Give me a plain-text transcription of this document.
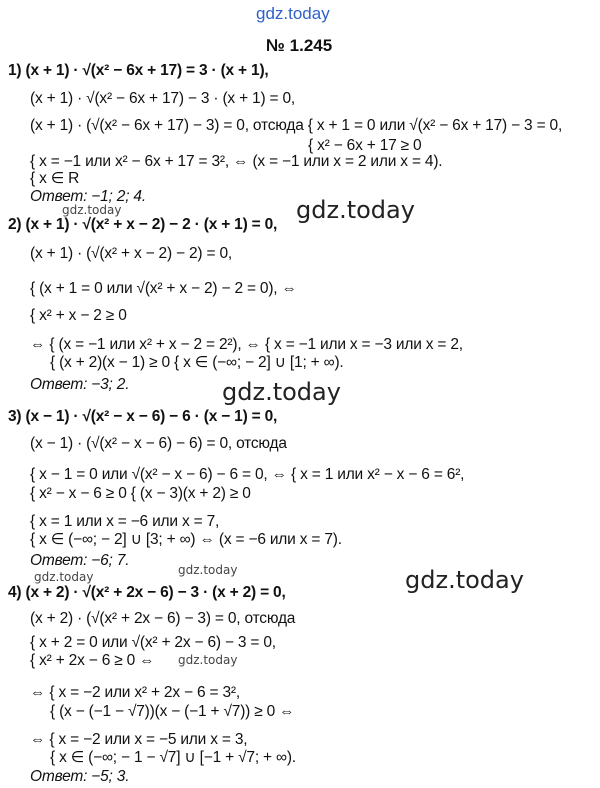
gdz.today
gdz.today
gdz.today
gdz.today
gdz.today
gdz.today
gdz.today
gdz.today
№ 1.245
1) (x + 1) · √(x² − 6x + 17) = 3 · (x + 1),
(x + 1) · √(x² − 6x + 17) − 3 · (x + 1) = 0,
(x + 1) · (√(x² − 6x + 17) − 3) = 0, отсюда { x + 1 = 0 или √(x² − 6x + 17) − 3 = 0,
{ x² − 6x + 17 ≥ 0
{ x = −1 или x² − 6x + 17 = 3², ⇔ (x = −1 или x = 2 или x = 4).
{ x ∈ R
Ответ: −1; 2; 4.
2) (x + 1) · √(x² + x − 2) − 2 · (x + 1) = 0,
(x + 1) · (√(x² + x − 2) − 2) = 0,
{ (x + 1 = 0 или √(x² + x − 2) − 2 = 0), ⇔
{ x² + x − 2 ≥ 0
⇔ { (x = −1 или x² + x − 2 = 2²), ⇔ { x = −1 или x = −3 или x = 2,
{ (x + 2)(x − 1) ≥ 0 { x ∈ (−∞; − 2] ∪ [1; + ∞).
Ответ: −3; 2.
3) (x − 1) · √(x² − x − 6) − 6 · (x − 1) = 0,
(x − 1) · (√(x² − x − 6) − 6) = 0, отсюда
{ x − 1 = 0 или √(x² − x − 6) − 6 = 0, ⇔ { x = 1 или x² − x − 6 = 6²,
{ x² − x − 6 ≥ 0 { (x − 3)(x + 2) ≥ 0
{ x = 1 или x = −6 или x = 7,
{ x ∈ (−∞; − 2] ∪ [3; + ∞) ⇔ (x = −6 или x = 7).
Ответ: −6; 7.
4) (x + 2) · √(x² + 2x − 6) − 3 · (x + 2) = 0,
(x + 2) · (√(x² + 2x − 6) − 3) = 0, отсюда
{ x + 2 = 0 или √(x² + 2x − 6) − 3 = 0,
{ x² + 2x − 6 ≥ 0 ⇔
⇔ { x = −2 или x² + 2x − 6 = 3²,
{ (x − (−1 − √7))(x − (−1 + √7)) ≥ 0 ⇔
⇔ { x = −2 или x = −5 или x = 3,
{ x ∈ (−∞; − 1 − √7] ∪ [−1 + √7; + ∞).
Ответ: −5; 3.
